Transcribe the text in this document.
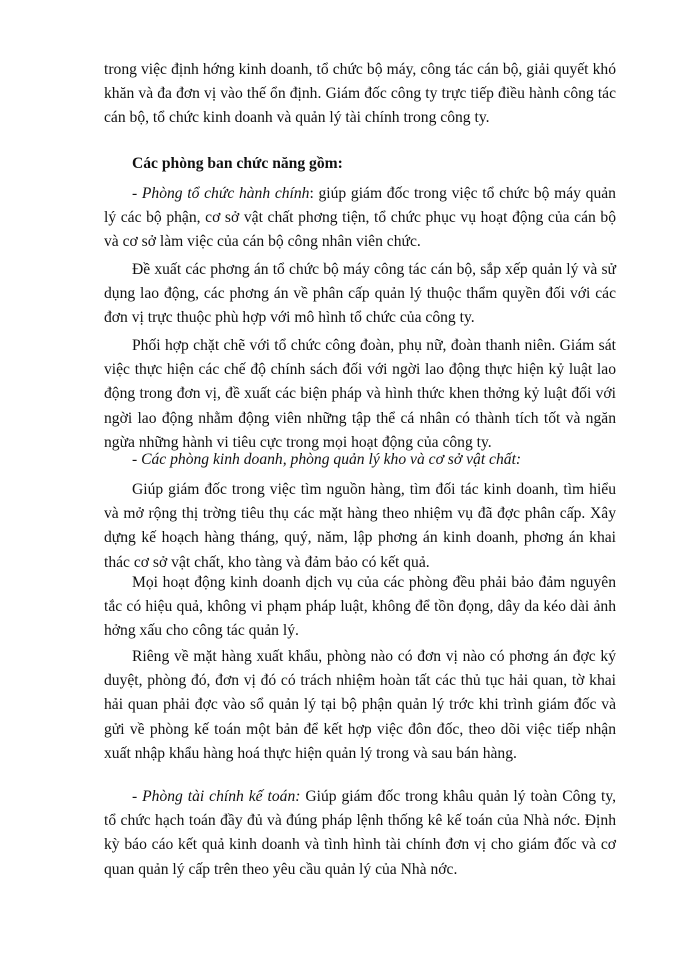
trong việc định hớng kinh doanh, tổ chức bộ máy, công tác cán bộ, giải quyết khó khăn và đa đơn vị vào thế ổn định. Giám đốc công ty trực tiếp điều hành công tác cán bộ, tổ chức kinh doanh và quản lý tài chính trong công ty.

Các phòng ban chức năng gồm:

- Phòng tổ chức hành chính: giúp giám đốc trong việc tổ chức bộ máy quản lý các bộ phận, cơ sở vật chất phơng tiện, tổ chức phục vụ hoạt động của cán bộ và cơ sở làm việc của cán bộ công nhân viên chức.

Đề xuất các phơng án tổ chức bộ máy công tác cán bộ, sắp xếp quản lý và sử dụng lao động, các phơng án về phân cấp quản lý thuộc thẩm quyền đối với các đơn vị trực thuộc phù hợp với mô hình tổ chức của công ty.

Phối hợp chặt chẽ với tổ chức công đoàn, phụ nữ, đoàn thanh niên. Giám sát việc thực hiện các chế độ chính sách đối với ngời lao động thực hiện kỷ luật lao động trong đơn vị, đề xuất các biện pháp và hình thức khen thởng kỷ luật đối với ngời lao động nhằm động viên những tập thể cá nhân có thành tích tốt và ngăn ngừa những hành vi tiêu cực trong mọi hoạt động của công ty.

- Các phòng kinh doanh, phòng quản lý kho và cơ sở vật chất:

Giúp giám đốc trong việc tìm nguồn hàng, tìm đối tác kinh doanh, tìm hiểu và mở rộng thị trờng tiêu thụ các mặt hàng theo nhiệm vụ đã đợc phân cấp. Xây dựng kế hoạch hàng tháng, quý, năm, lập phơng án kinh doanh, phơng án khai thác cơ sở vật chất, kho tàng và đảm bảo có kết quả.

Mọi hoạt động kinh doanh dịch vụ của các phòng đều phải bảo đảm nguyên tắc có hiệu quả, không vi phạm pháp luật, không để tồn đọng, dây da kéo dài ảnh hởng xấu cho công tác quản lý.

Riêng về mặt hàng xuất khẩu, phòng nào có đơn vị nào có phơng án đợc ký duyệt, phòng đó, đơn vị đó có trách nhiệm hoàn tất các thủ tục hải quan, tờ khai hải quan phải đợc vào sổ quản lý tại bộ phận quản lý trớc khi trình giám đốc và gửi về phòng kế toán một bản để kết hợp việc đôn đốc, theo dõi việc tiếp nhận xuất nhập khẩu hàng hoá thực hiện quản lý trong và sau bán hàng.

- Phòng tài chính kế toán: Giúp giám đốc trong khâu quản lý toàn Công ty, tổ chức hạch toán đầy đủ và đúng pháp lệnh thống kê kế toán của Nhà nớc. Định kỳ báo cáo kết quả kinh doanh và tình hình tài chính đơn vị cho giám đốc và cơ quan quản lý cấp trên theo yêu cầu quản lý của Nhà nớc.
